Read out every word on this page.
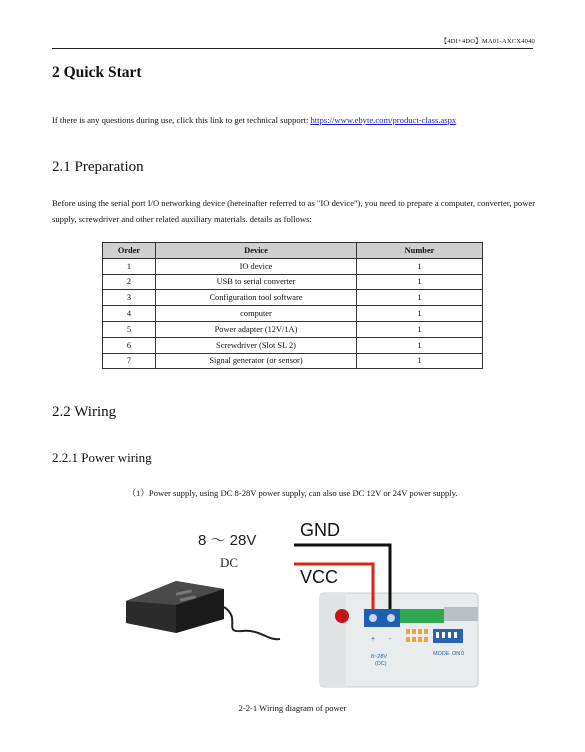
【4DI+4DO】MA01-AXCX4040
2 Quick Start
If there is any questions during use, click this link to get technical support: https://www.ebyte.com/product-class.aspx
2.1 Preparation
Before using the serial port I/O networking device (hereinafter referred to as "IO device"), you need to prepare a computer, converter, power supply, screwdriver and other related auxiliary materials. details as follows:
Order	Device	Number
1	IO device	1
2	USB to serial converter	1
3	Configuration tool software	1
4	computer	1
5	Power adapter (12V/1A)	1
6	Screwdriver (Slot SL 2)	1
7	Signal generator (or sensor)	1
2.2 Wiring
2.2.1 Power wiring
（1）Power supply, using DC 8-28V power supply, can also use DC 12V or 24V power supply.
8 ～ 28V
DC
GND
VCC
+ -
8~28V
(DC)
MODE ON 0
2-2-1 Wiring diagram of power
